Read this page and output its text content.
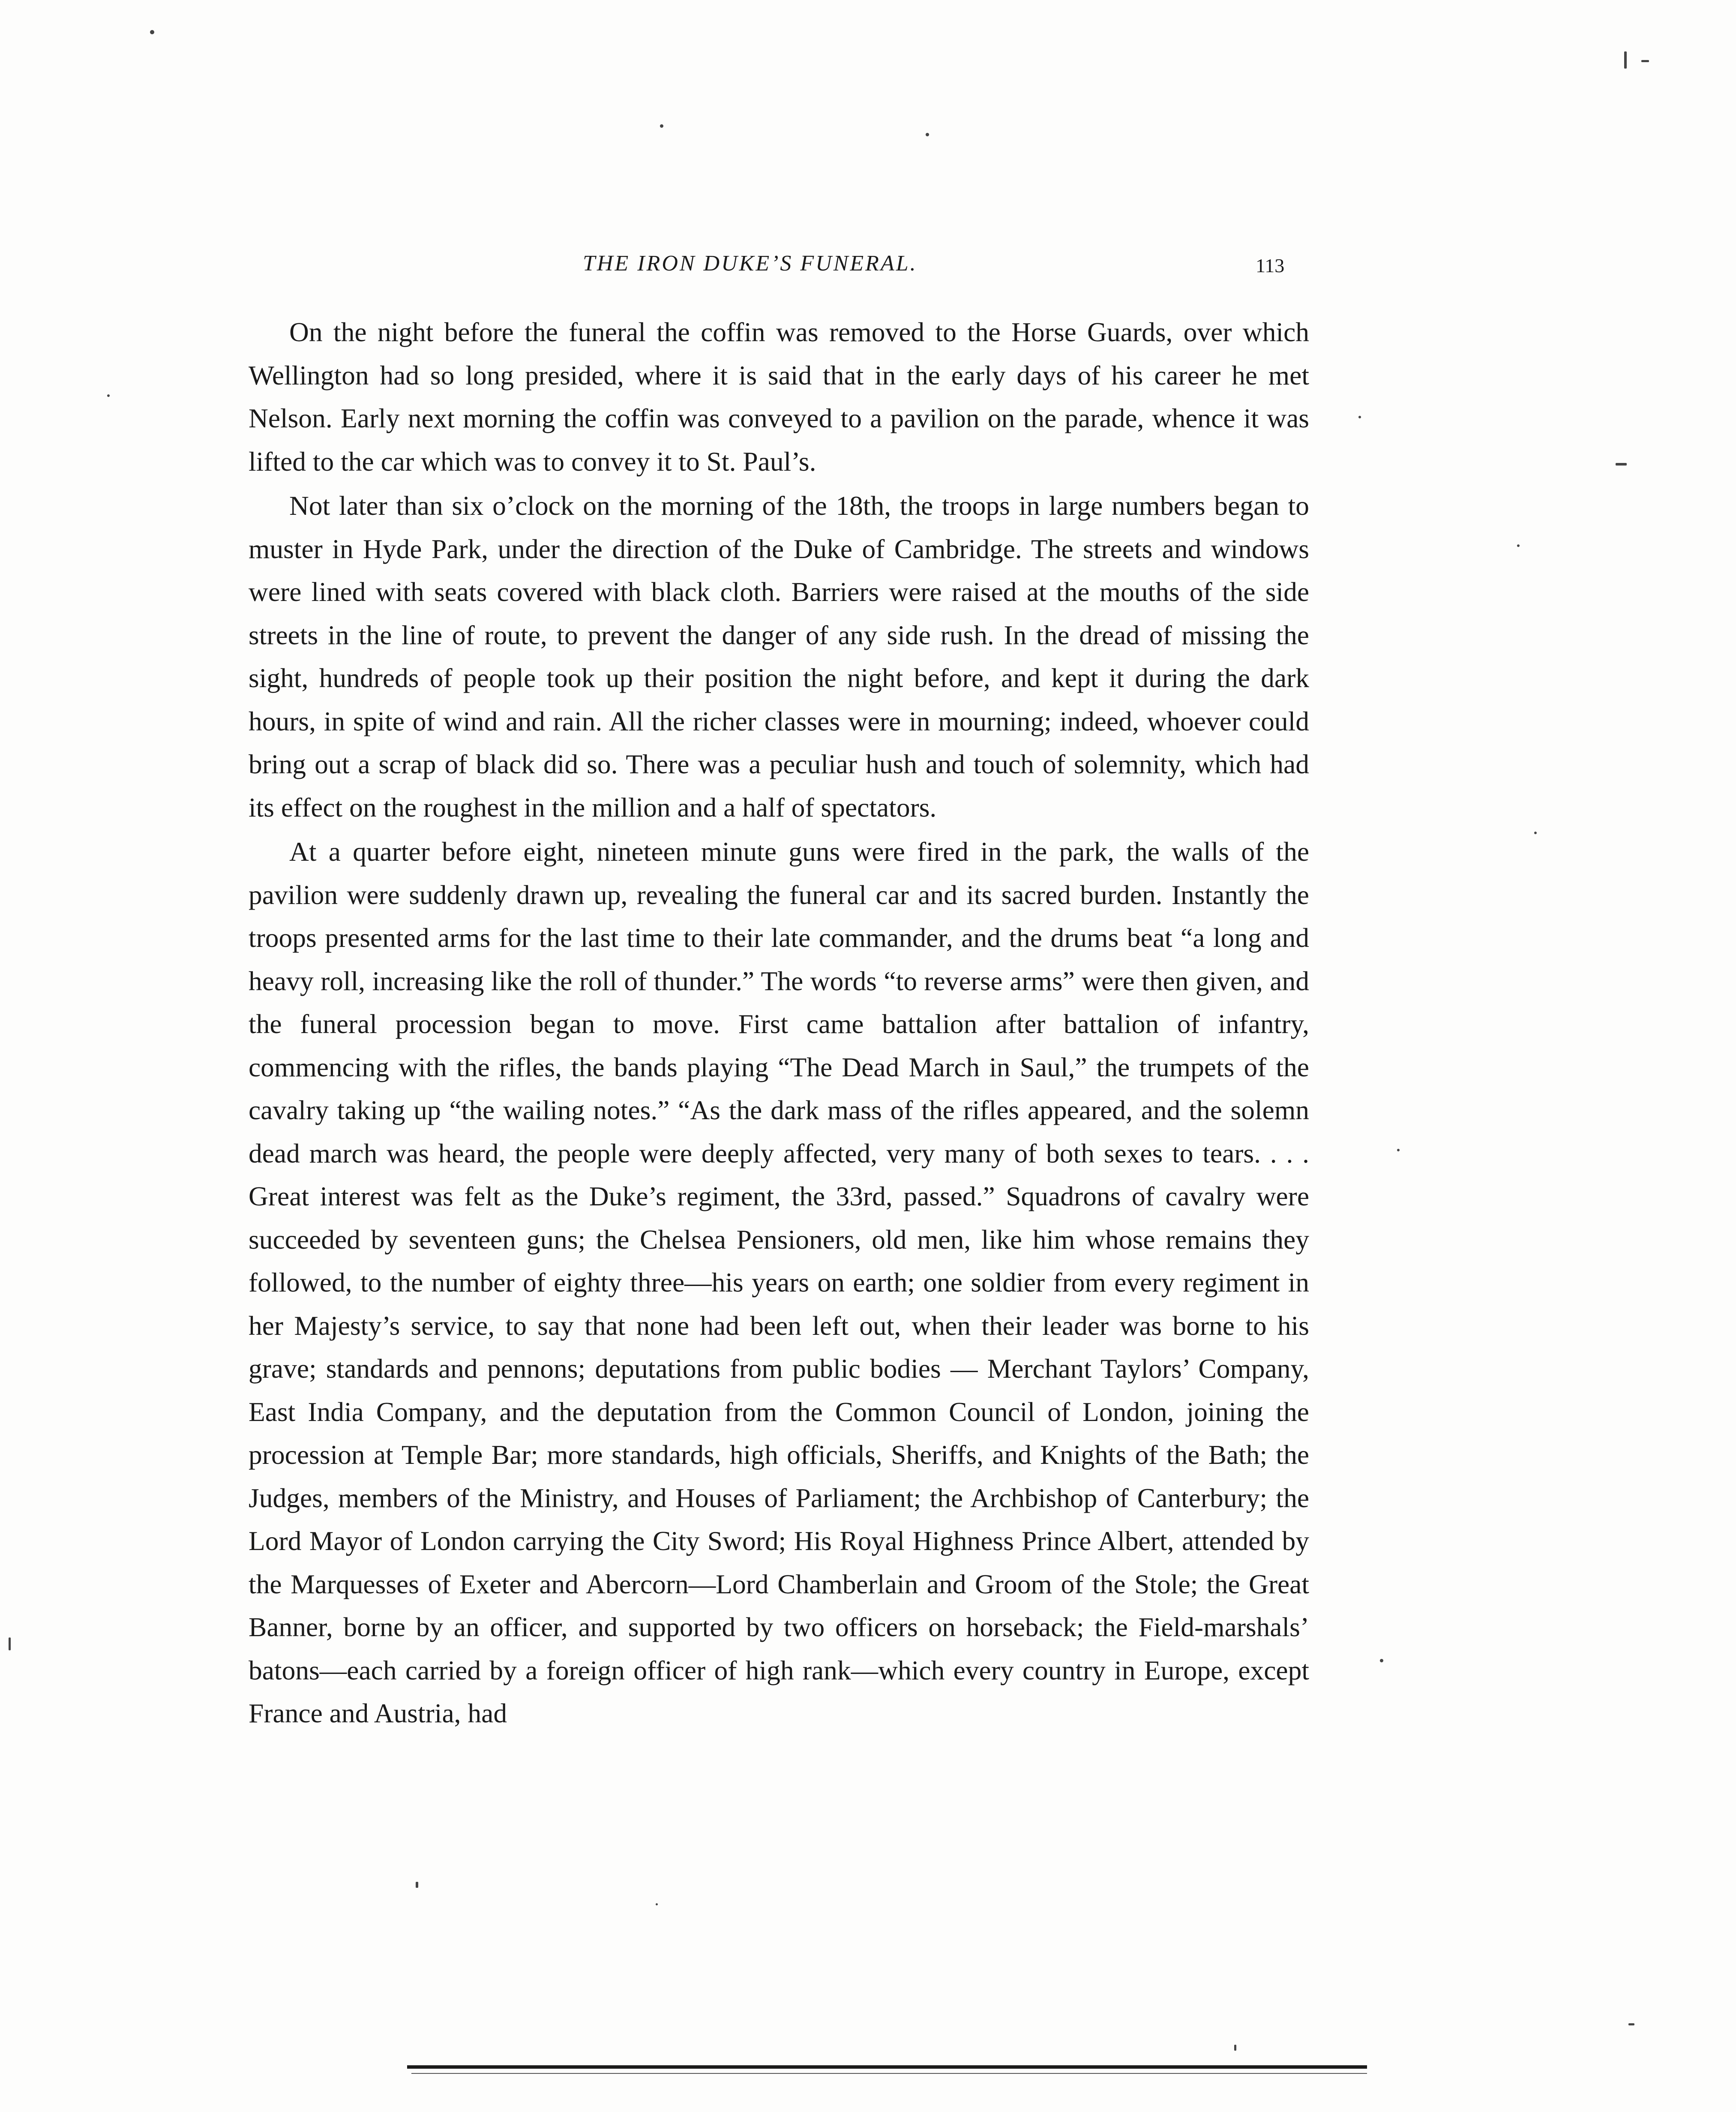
THE IRON DUKE’S FUNERAL.	113

On the night before the funeral the coffin was removed to the Horse Guards, over which Wellington had so long presided, where it is said that in the early days of his career he met Nelson. Early next morning the coffin was conveyed to a pavilion on the parade, whence it was lifted to the car which was to convey it to St. Paul’s.

Not later than six o’clock on the morning of the 18th, the troops in large numbers began to muster in Hyde Park, under the direction of the Duke of Cambridge. The streets and windows were lined with seats covered with black cloth. Barriers were raised at the mouths of the side streets in the line of route, to prevent the danger of any side rush. In the dread of missing the sight, hundreds of people took up their position the night before, and kept it during the dark hours, in spite of wind and rain. All the richer classes were in mourning; indeed, whoever could bring out a scrap of black did so. There was a peculiar hush and touch of solemnity, which had its effect on the roughest in the million and a half of spectators.

At a quarter before eight, nineteen minute guns were fired in the park, the walls of the pavilion were suddenly drawn up, revealing the funeral car and its sacred burden. Instantly the troops presented arms for the last time to their late commander, and the drums beat “a long and heavy roll, increasing like the roll of thunder.” The words “to reverse arms” were then given, and the funeral procession began to move. First came battalion after battalion of infantry, commencing with the rifles, the bands playing “The Dead March in Saul,” the trumpets of the cavalry taking up “the wailing notes.” “As the dark mass of the rifles appeared, and the solemn dead march was heard, the people were deeply affected, very many of both sexes to tears. . . . Great interest was felt as the Duke’s regiment, the 33rd, passed.” Squadrons of cavalry were succeeded by seventeen guns; the Chelsea Pensioners, old men, like him whose remains they followed, to the number of eighty three—his years on earth; one soldier from every regiment in her Majesty’s service, to say that none had been left out, when their leader was borne to his grave; standards and pennons; deputations from public bodies — Merchant Taylors’ Company, East India Company, and the deputation from the Common Council of London, joining the procession at Temple Bar; more standards, high officials, Sheriffs, and Knights of the Bath; the Judges, members of the Ministry, and Houses of Parliament; the Archbishop of Canterbury; the Lord Mayor of London carrying the City Sword; His Royal Highness Prince Albert, attended by the Marquesses of Exeter and Abercorn—Lord Chamberlain and Groom of the Stole; the Great Banner, borne by an officer, and supported by two officers on horseback; the Field-marshals’ batons—each carried by a foreign officer of high rank—which every country in Europe, except France and Austria, had
